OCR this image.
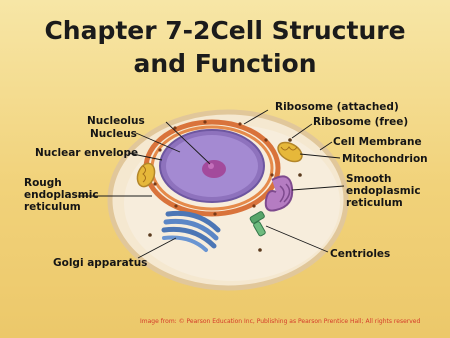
Chapter 7-2Cell Structure
and Function
Nucleolus
Nucleus
Nuclear envelope
Rough
endoplasmic
reticulum
Golgi apparatus
Ribosome (attached)
Ribosome (free)
Cell Membrane
Mitochondrion
Smooth
endoplasmic
reticulum
Centrioles
Image from: © Pearson Education Inc, Publishing as Pearson Prentice Hall; All rights reserved
